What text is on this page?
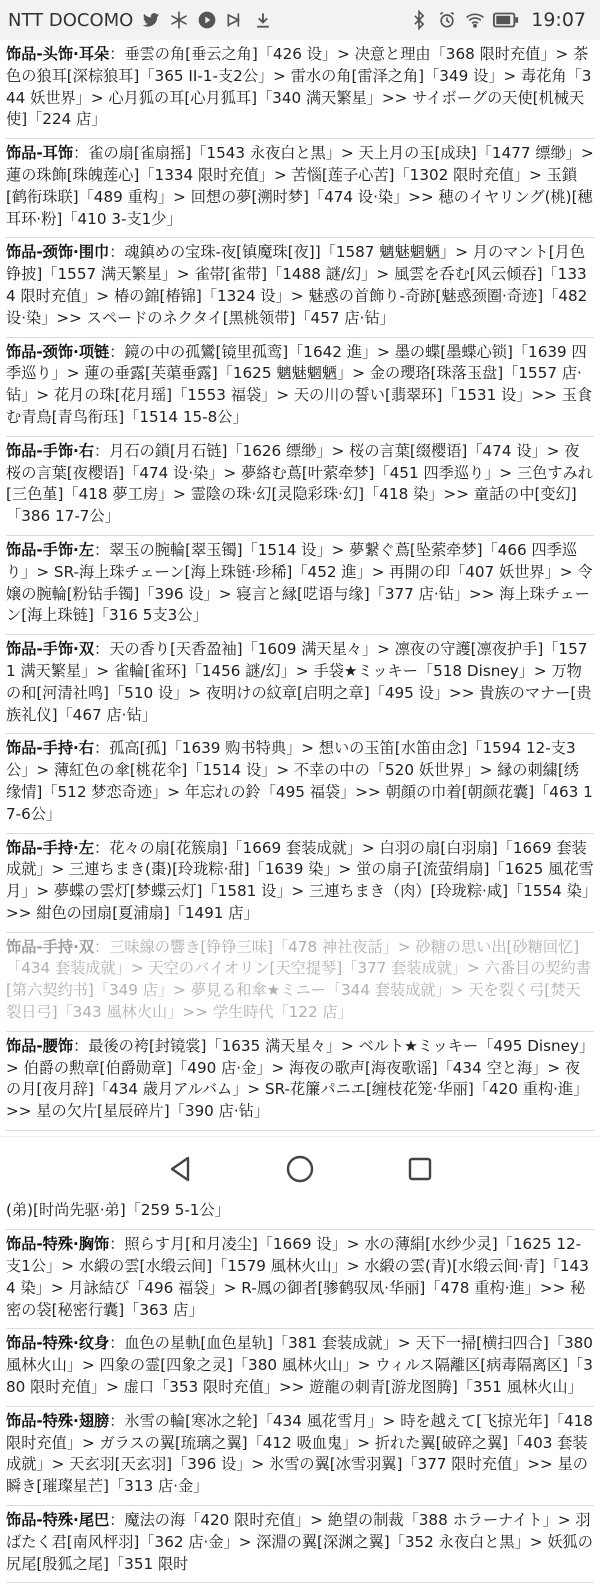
NTT DOCOMO	19:07
饰品-头饰·耳朵：垂雲の角[垂云之角]「426 设」> 决意と理由「368 限时充值」> 茶色の狼耳[深棕狼耳]「365 II-1-支2公」> 雷水の角[雷泽之角]「349 设」> 毒花角「344 妖世界」> 心月狐の耳[心月狐耳]「340 满天繁星」>> サイボーグの天使[机械天使]「224 店」
饰品-耳饰：雀の扇[雀扇摇]「1543 永夜白と黒」> 天上月の玉[成玦]「1477 缥缈」> 蓮の珠飾[珠魄莲心]「1334 限时充值」> 苦惱[莲子心苦]「1302 限时充值」> 玉鎖[鹤衔珠联]「489 重构」> 回想の夢[溯时梦]「474 设·染」>> 穂のイヤリング(桃)[穗耳环·粉]「410 3-支1少」
饰品-颈饰·围巾：魂鎮めの宝珠-夜[镇魔珠[夜]]「1587 魑魅魍魉」> 月のマント[月色铮披]「1557 满天繁星」> 雀帯[雀带]「1488 謎/幻」> 風雲を呑む[风云倾吞]「1334 限时充值」> 椿の錦[椿锦]「1324 设」> 魅惑の首飾り-奇跡[魅惑颈圈·奇迹]「482 设·染」>> スペードのネクタイ[黑桃领带]「457 店·钻」
饰品-颈饰·项链：鏡の中の孤鸞[镜里孤鸾]「1642 進」> 墨の蝶[墨蝶心锁]「1639 四季巡り」> 蓮の垂露[芙蕖垂露]「1625 魑魅魍魉」> 金の瓔珞[珠落玉盘]「1557 店·钻」> 花月の珠[花月瑶]「1553 福袋」> 天の川の誓い[翡翠环]「1531 设」>> 玉食む青鳥[青鸟衔珏]「1514 15-8公」
饰品-手饰·右：月石の鎖[月石链]「1626 缥缈」> 桜の言葉[缀樱语]「474 设」> 夜桜の言葉[夜樱语]「474 设·染」> 夢絡む蔦[叶萦牵梦]「451 四季巡り」> 三色すみれ[三色堇]「418 夢工房」> 霊陰の珠·幻[灵隐彩珠·幻]「418 染」>> 童話の中[变幻]「386 17-7公」
饰品-手饰·左：翠玉の腕輪[翠玉镯]「1514 设」> 夢繋ぐ蔦[坠萦牵梦]「466 四季巡り」> SR-海上珠チェーン[海上珠链·珍稀]「452 進」> 再開の印「407 妖世界」> 令嬢の腕輪[粉钻手镯]「396 设」> 寝言と縁[呓语与缘]「377 店·钻」>> 海上珠チェーン[海上珠链]「316 5支3公」
饰品-手饰·双：天の香り[天香盈袖]「1609 满天星々」> 凛夜の守護[凛夜护手]「1571 满天繁星」> 雀輪[雀环]「1456 謎/幻」> 手袋★ミッキー「518 Disney」> 万物の和[河清社鸣]「510 设」> 夜明けの紋章[启明之章]「495 设」>> 貴族のマナー[贵族礼仪]「467 店·钻」
饰品-手持·右：孤高[孤]「1639 购书特典」> 想いの玉笛[水笛由念]「1594 12-支3公」> 薄紅色の傘[桃花伞]「1514 设」> 不幸の中の「520 妖世界」> 縁の刺繍[绣缘情]「512 梦恋奇迹」> 年忘れの鈴「495 福袋」>> 朝顔の巾着[朝颜花囊]「463 17-6公」
饰品-手持·左：花々の扇[花簇扇]「1669 套装成就」> 白羽の扇[白羽扇]「1669 套装成就」> 三連ちまき(棗)[玲珑粽·甜]「1639 染」> 蛍の扇子[流萤绢扇]「1625 風花雪月」> 夢蝶の雲灯[梦蝶云灯]「1581 设」> 三連ちまき（肉）[玲珑粽·咸]「1554 染」>> 紺色の団扇[夏浦扇]「1491 店」
饰品-手持·双：三味線の響き[铮铮三味]「478 神社夜話」> 砂糖の思い出[砂糖回忆]「434 套装成就」> 天空のバイオリン[天空提琴]「377 套装成就」> 六番目の契約書[第六契约书]「349 店」> 夢見る和傘★ミニー「344 套装成就」> 天を裂く弓[焚天裂日弓]「343 風林火山」>> 学生時代「122 店」
饰品-腰饰：最後の袴[封镜裳]「1635 满天星々」> ベルト★ミッキー「495 Disney」> 伯爵の勲章[伯爵勋章]「490 店·金」> 海夜の歌声[海夜歌谣]「434 空と海」> 夜の月[夜月辞]「434 歳月アルバム」> SR-花簾パニエ[缠枝花笼·华丽]「420 重构·進」>> 星の欠片[星辰碎片]「390 店·钻」
(弟)[时尚先驱·弟]「259 5-1公」
饰品-特殊·胸饰：照らす月[和月凌尘]「1669 设」> 水の薄絹[水纱少灵]「1625 12-支1公」> 水緞の雲[水缎云间]「1579 風林火山」> 水緞の雲(青)[水缎云间·青]「1434 染」> 月詠結び「496 福袋」> R-鳳の御者[骖鹤驭凤·华丽]「478 重构·進」>> 秘密の袋[秘密行囊]「363 店」
饰品-特殊·纹身：血色の星軌[血色星轨]「381 套装成就」> 天下一掃[横扫四合]「380 風林火山」> 四象の霊[四象之灵]「380 風林火山」> ウィルス隔離区[病毒隔离区]「380 限时充值」> 虚口「353 限时充值」>> 遊龍の刺青[游龙图腾]「351 風林火山」
饰品-特殊·翅膀：氷雪の輪[寒冰之轮]「434 風花雪月」> 時を越えて[飞掠光年]「418 限时充值」> ガラスの翼[琉璃之翼]「412 吸血鬼」> 折れた翼[破碎之翼]「403 套装成就」> 天玄羽[天玄羽]「396 设」> 氷雪の翼[冰雪羽翼]「377 限时充值」>> 星の瞬き[璀璨星芒]「313 店·金」
饰品-特殊·尾巴：魔法の海「420 限时充值」> 絶望の制裁「388 ホラーナイト」> 羽ばたく君[南风枰羽]「362 店·金」> 深淵の翼[深渊之翼]「352 永夜白と黒」> 妖狐の尻尾[殷狐之尾]「351 限时
